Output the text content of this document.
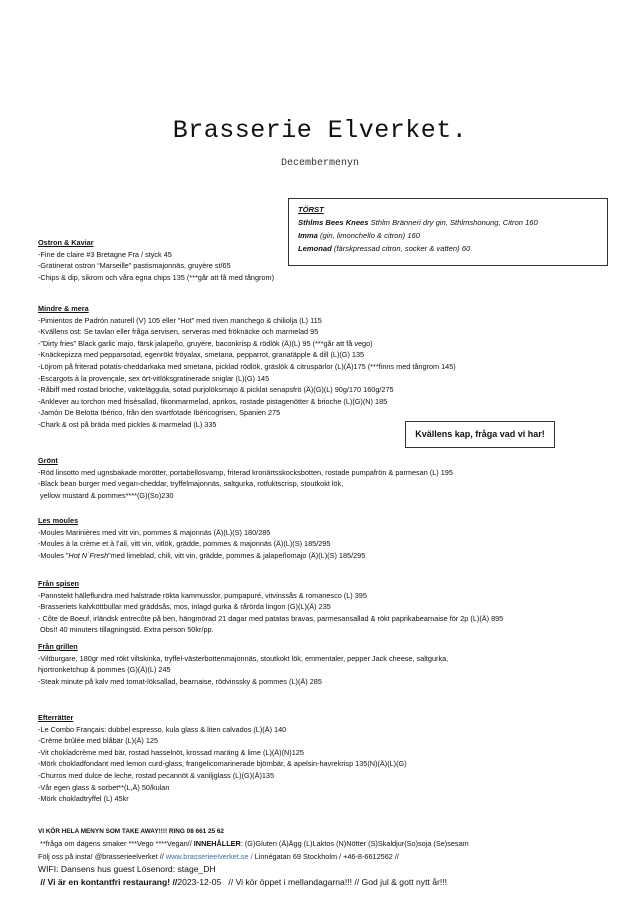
Brasserie Elverket.
Decembermenyn
TÖRST
Sthlms Bees Knees Sthlm Bränneri dry gin, Sthlmshonung, Citron 160
Imma (gin, limonchello & citron) 160
Lemonad (färskpressad citron, socker & vatten) 60
Ostron & Kaviar
-Fine de claire #3 Bretagne Fra / styck 45
-Gratinerat ostron “Marseille” pastismajonnäs, gruyère st/65
-Chips & dip, sikrom och våra egna chips 135 (***går att få med tångrom)
Mindre & mera
-Pimientos de Padrón naturell (V) 105 eller ”Hot” med riven manchego & chiliolja (L) 115
-Kvällens ost: Se tavlan eller fråga servisen, serveras med fröknäcke och marmelad 95
-”Dirty fries” Black garlic majo, färsk jalapeño, gruyère, baconkrisp & rödlök (Ä)(L) 95 (***går att få vego)
-Knäckepizza med pepparsotad, egenrökt fröyalax, smetana, pepparrot, granatäpple & dill (L)(G) 135
-Löjrom på friterad potatis-cheddarkaka med smetana, picklad rödlök, gräslök & citruspärlor (L)(Ä)175 (***finns med tångrom 145)
-Escargots à la provençale, sex ört-vitlöksgratinerade sniglar (L)(G) 145
-Råbiff med rostad brioche, vakteläggula, sotad purjolöksmajo & picklat senapsfrö (Ä)(G)(L) 90g/170 160g/275
-Anklever au torchon med frisésallad, fikonmarmelad, aprikos, rostade pistagenötter & brioche (L)(G)(N) 185
-Jamón De Belotta Ibérico, från den svartfotade Ibéricogrisen, Spanien 275
-Chark & ost på bräda med pickles & marmelad (L) 335
Kvällens kap, fråga vad vi har!
Grönt
-Röd linsotto med ugnsbakade morötter, portabellosvamp, friterad kronärtsskocksbotten, rostade pumpafrön & parmesan (L) 195
-Black bean burger med vegan-cheddar, tryffelmajonnäs, saltgurka, rotfuktscrisp, stoutkokt lök,
yellow mustard & pommes****(G)(So)230
Les moules
-Moules Marinières med vitt vin, pommes & majonnäs (Ä)(L)(S) 180/285
-Moules à la crème et à l’ail, vitt vin, vitlök, grädde, pommes & majonnäs (Ä)(L)(S) 185/295
-Moules ”Hot N´Fresh”med limeblad, chili, vitt vin, grädde, pommes & jalapeñomajo (Ä)(L)(S) 185/295
Från spisen
-Pannstekt hälleflundra med halstrade rökta kammusslor, pumpapuré, vitvinssås & romanesco (L) 395
-Brasseriets kalvköttbullar med gräddsås, mos, inlagd gurka & rårörda lingon (G)(L)(Ä) 235
- Côte de Boeuf, irländsk entrecôte på ben, hängmörad 21 dagar med patatas bravas, parmesansallad & rökt paprikabearnaise för 2p (L)(Ä) 895
Obs!! 40 minuters tillagningstid. Extra person 50kr/pp.
Från grillen
-Viltburgare, 180gr med rökt viltskinka, tryffel-västerbottenmajonnäs, stoutkokt lök, emmentaler, pepper Jack cheese, saltgurka,
hjortronketchup & pommes (G)(Ä)(L) 245
-Steak minute på kalv med tomat-löksallad, bearnaise, rödvinssky & pommes (L)(Ä) 285
Efterrätter
-Le Combo Français: dubbel espresso, kula glass & liten calvados (L)(Ä) 140
-Crème brûlée med blåbär (L)(Ä) 125
-Vit chokladcrème med bär, rostad hasselnöt, krossad maräng & lime (L)(Ä)(N)125
-Mörk chokladfondant med lemon curd-glass, frangelicomarinerade björnbär, & apelsin-havrekrisp 135(N)(Ä)(L)(G)
-Churros med dulce de leche, rostad pecannöt & vaniljglass (L)(G)(Ä)135
-Vår egen glass & sorbet**(L,Ä) 50/kulan
-Mörk chokladtryffel (L) 45kr
VI KÖR HELA MENYN SOM TAKE AWAY!!!! RING 08 661 25 62
**fråga om dagens smaker ***Vego ****Vegan// INNEHÅLLER: (G)Gluten (Ä)Ägg (L)Laktos (N)Nötter (S)Skaldjur(So)soja (Se)sesam
Följ oss på insta! @brasserieelverket // www.brasserieelverket.se / Linnégatan 69 Stockholm / +46-8-6612562 //
WIFI: Dansens hus guest Lösenord: stage_DH
// Vi är en kontantfri restaurang! //2023-12-05   // Vi kör öppet i mellandagarna!!! // God jul & gott nytt år!!!
